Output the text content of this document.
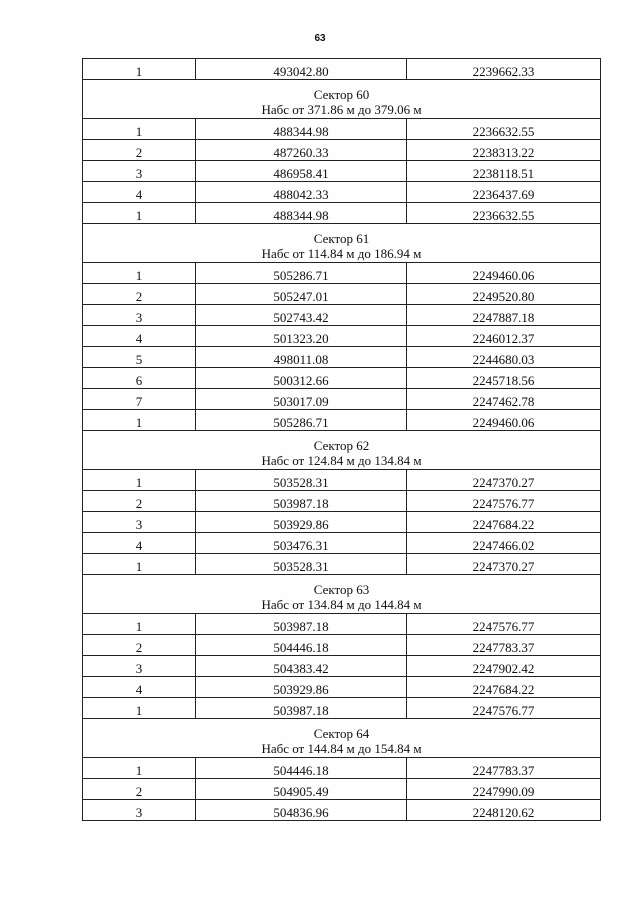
63
1	493042.80	2239662.33

Сектор 60
Набс от 371.86 м до 379.06 м		

1	488344.98	2236632.55
2	487260.33	2238313.22
3	486958.41	2238118.51
4	488042.33	2236437.69
1	488344.98	2236632.55

Сектор 61
Набс от 114.84 м до 186.94 м		

1	505286.71	2249460.06
2	505247.01	2249520.80
3	502743.42	2247887.18
4	501323.20	2246012.37
5	498011.08	2244680.03
6	500312.66	2245718.56
7	503017.09	2247462.78
1	505286.71	2249460.06

Сектор 62
Набс от 124.84 м до 134.84 м		

1	503528.31	2247370.27
2	503987.18	2247576.77
3	503929.86	2247684.22
4	503476.31	2247466.02
1	503528.31	2247370.27

Сектор 63
Набс от 134.84 м до 144.84 м		

1	503987.18	2247576.77
2	504446.18	2247783.37
3	504383.42	2247902.42
4	503929.86	2247684.22
1	503987.18	2247576.77

Сектор 64
Набс от 144.84 м до 154.84 м		

1	504446.18	2247783.37
2	504905.49	2247990.09
3	504836.96	2248120.62
